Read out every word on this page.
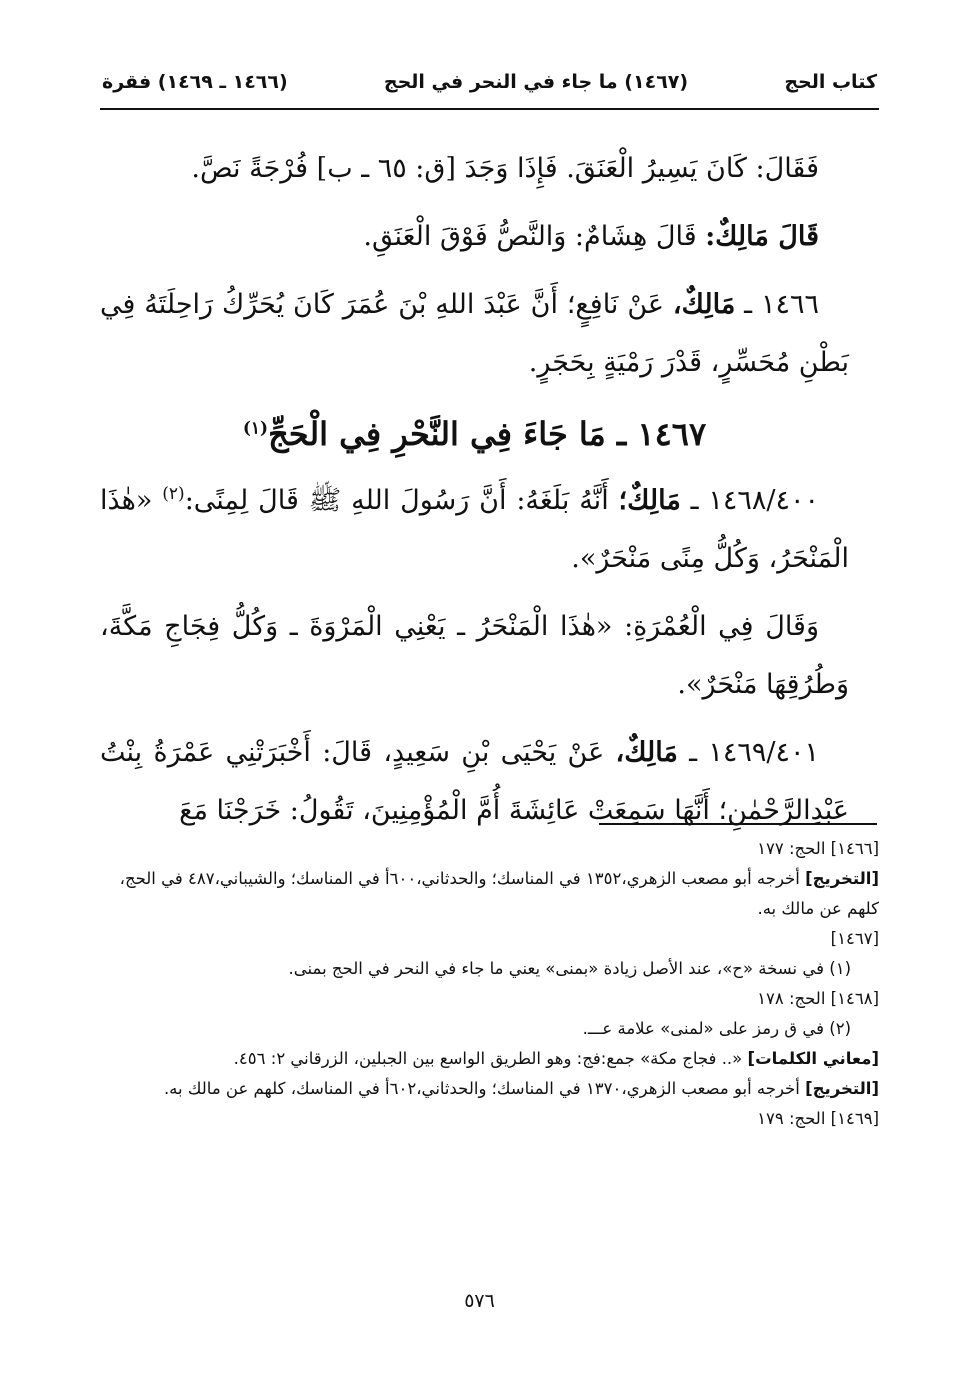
كتاب الحج
(١٤٦٧) ما جاء في النحر في الحج
(١٤٦٦ ـ ١٤٦٩) فقرة

فَقَالَ: كَانَ يَسِيرُ الْعَنَقَ. فَإِذَا وَجَدَ [ق: ٦٥ ـ ب] فُرْجَةً نَصَّ.

قَالَ مَالِكٌ: قَالَ هِشَامٌ: وَالنَّصُّ فَوْقَ الْعَنَقِ.

١٤٦٦ ـ مَالِكٌ، عَنْ نَافِعٍ؛ أَنَّ عَبْدَ اللهِ بْنَ عُمَرَ كَانَ يُحَرِّكُ رَاحِلَتَهُ فِي بَطْنِ مُحَسِّرٍ، قَدْرَ رَمْيَةٍ بِحَجَرٍ.

١٤٦٧ ـ مَا جَاءَ فِي النَّحْرِ فِي الْحَجِّ$^{(١)}$

١٤٦٨/٤٠٠ ـ مَالِكٌ؛ أَنَّهُ بَلَغَهُ: أَنَّ رَسُولَ اللهِ ﷺ قَالَ لِمِنًى:$^{(٢)}$ «هٰذَا الْمَنْحَرُ، وَكُلُّ مِنًى مَنْحَرٌ».

وَقَالَ فِي الْعُمْرَةِ: «هٰذَا الْمَنْحَرُ ـ يَعْنِي الْمَرْوَةَ ـ وَكُلُّ فِجَاجِ مَكَّةَ، وَطُرُقِهَا مَنْحَرٌ».

١٤٦٩/٤٠١ ـ مَالِكٌ، عَنْ يَحْيَى بْنِ سَعِيدٍ، قَالَ: أَخْبَرَتْنِي عَمْرَةُ بِنْتُ عَبْدِالرَّحْمٰنِ؛ أَنَّهَا سَمِعَتْ عَائِشَةَ أُمَّ الْمُؤْمِنِينَ، تَقُولُ: خَرَجْنَا مَعَ

[١٤٦٦] الحج: ١٧٧
[التخريج] أخرجه أبو مصعب الزهري،١٣٥٢ في المناسك؛ والحدثاني،٦٠٠أ في المناسك؛ والشيباني،٤٨٧ في الحج، كلهم عن مالك به.
[١٤٦٧]
(١) في نسخة «ح»، عند الأصل زيادة «بمنى» يعني ما جاء في النحر في الحج بمنى.
[١٤٦٨] الحج: ١٧٨
(٢) في ق رمز على «لمنى» علامة عـــ.
[معاني الكلمات] «.. فجاج مكة» جمع:فج: وهو الطريق الواسع بين الجبلين، الزرقاني ٢: ٤٥٦.
[التخريج] أخرجه أبو مصعب الزهري،١٣٧٠ في المناسك؛ والحدثاني،٦٠٢أ في المناسك، كلهم عن مالك به.
[١٤٦٩] الحج: ١٧٩
٥٧٦
